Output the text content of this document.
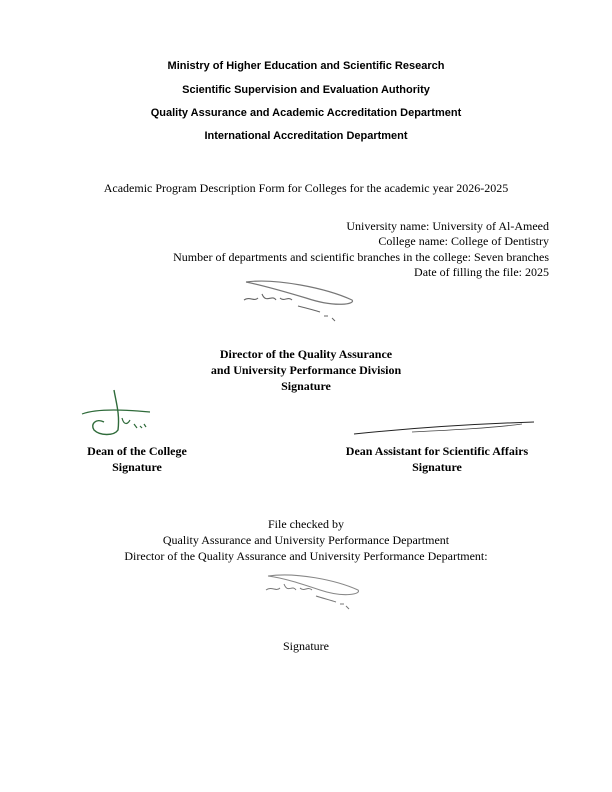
Ministry of Higher Education and Scientific Research
Scientific Supervision and Evaluation Authority
Quality Assurance and Academic Accreditation Department
International Accreditation Department
Academic Program Description Form for Colleges for the academic year 2026-2025
University name: University of Al-Ameed
College name: College of Dentistry
Number of departments and scientific branches in the college: Seven branches
Date of filling the file: 2025
Director of the Quality Assurance
and University Performance Division
Signature
Dean of the College
Signature
Dean Assistant for Scientific Affairs
Signature
File checked by
Quality Assurance and University Performance Department
Director of the Quality Assurance and University Performance Department:
Signature
